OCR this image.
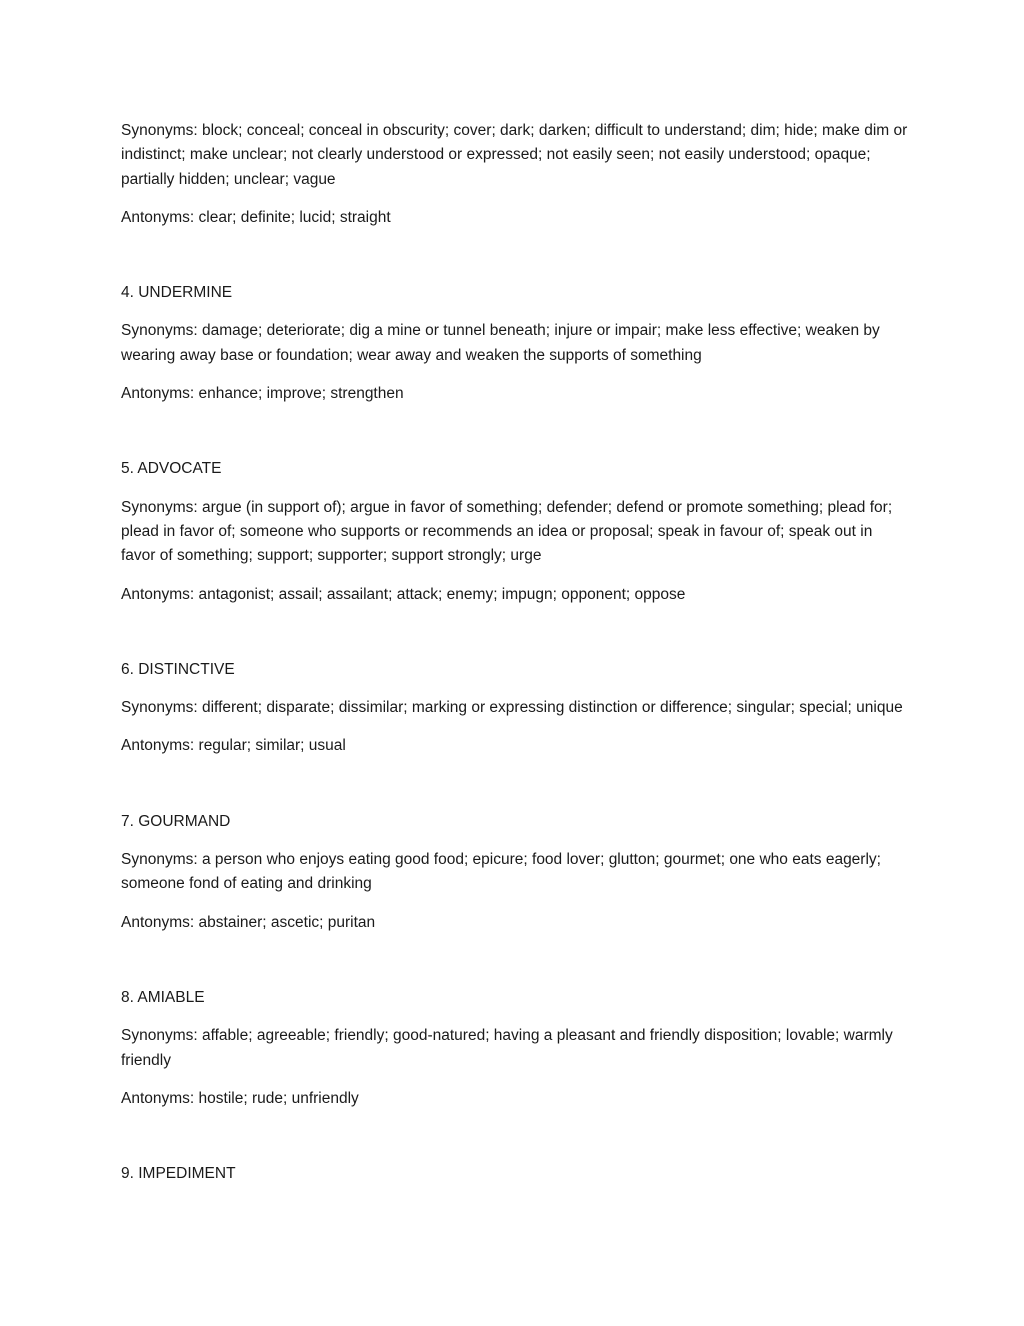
Synonyms: block; conceal; conceal in obscurity; cover; dark; darken; difficult to understand; dim; hide; make dim or indistinct; make unclear; not clearly understood or expressed; not easily seen; not easily understood; opaque; partially hidden; unclear; vague

Antonyms: clear; definite; lucid; straight

4. UNDERMINE

Synonyms: damage; deteriorate; dig a mine or tunnel beneath; injure or impair; make less effective; weaken by wearing away base or foundation; wear away and weaken the supports of something

Antonyms: enhance; improve; strengthen

5. ADVOCATE

Synonyms: argue (in support of); argue in favor of something; defender; defend or promote something; plead for; plead in favor of; someone who supports or recommends an idea or proposal; speak in favour of; speak out in favor of something; support; supporter; support strongly; urge

Antonyms: antagonist; assail; assailant; attack; enemy; impugn; opponent; oppose

6. DISTINCTIVE

Synonyms: different; disparate; dissimilar; marking or expressing distinction or difference; singular; special; unique

Antonyms: regular; similar; usual

7. GOURMAND

Synonyms: a person who enjoys eating good food; epicure; food lover; glutton; gourmet; one who eats eagerly; someone fond of eating and drinking

Antonyms: abstainer; ascetic; puritan

8. AMIABLE

Synonyms: affable; agreeable; friendly; good-natured; having a pleasant and friendly disposition; lovable; warmly friendly

Antonyms: hostile; rude; unfriendly

9. IMPEDIMENT
